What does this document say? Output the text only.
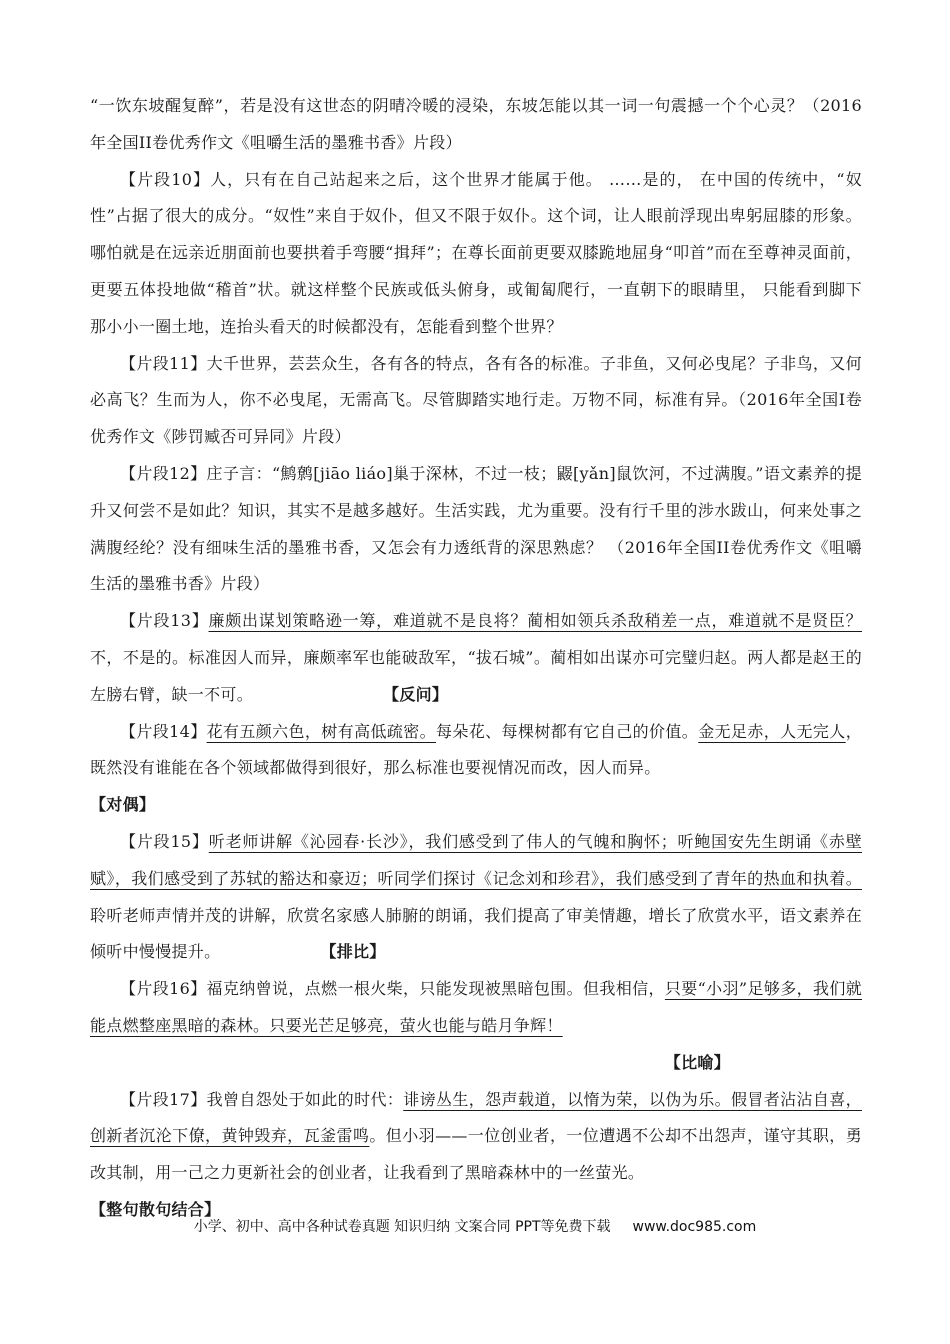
“一饮东坡醒复醉”，若是没有这世态的阴晴冷暖的浸染，东坡怎能以其一词一句震撼一个个心灵？（2016年全国II卷优秀作文《咀嚼生活的墨雅书香》片段）

【片段10】人，只有在自己站起来之后，这个世界才能属于他。 ……是的， 在中国的传统中，“奴性”占据了很大的成分。“奴性”来自于奴仆，但又不限于奴仆。这个词，让人眼前浮现出卑躬屈膝的形象。哪怕就是在远亲近朋面前也要拱着手弯腰“揖拜”；在尊长面前更要双膝跪地屈身“叩首”而在至尊神灵面前，更要五体投地做“稽首”状。就这样整个民族或低头俯身，或匍匐爬行，一直朝下的眼睛里， 只能看到脚下那小小一圈土地，连抬头看天的时候都没有，怎能看到整个世界？

【片段11】大千世界，芸芸众生，各有各的特点，各有各的标准。子非鱼，又何必曳尾？子非鸟，又何必高飞？生而为人，你不必曳尾，无需高飞。尽管脚踏实地行走。万物不同，标准有异。（2016年全国I卷优秀作文《陟罚臧否可异同》片段）

【片段12】庄子言：“鹪鹩[jiāo liáo]巢于深林，不过一枝；鼹[yǎn]鼠饮河，不过满腹。”语文素养的提升又何尝不是如此？知识，其实不是越多越好。生活实践，尤为重要。没有行千里的涉水跋山，何来处事之满腹经纶？没有细味生活的墨雅书香，又怎会有力透纸背的深思熟虑？ （2016年全国II卷优秀作文《咀嚼生活的墨雅书香》片段）

【片段13】廉颇出谋划策略逊一筹，难道就不是良将？蔺相如领兵杀敌稍差一点，难道就不是贤臣？不，不是的。标准因人而异，廉颇率军也能破敌军，“拔石城”。蔺相如出谋亦可完璧归赵。两人都是赵王的左膀右臂，缺一不可。	【反问】

【片段14】花有五颜六色，树有高低疏密。每朵花、每棵树都有它自己的价值。金无足赤，人无完人，既然没有谁能在各个领域都做得到很好，那么标准也要视情况而改，因人而异。

【对偶】

【片段15】听老师讲解《沁园春·长沙》，我们感受到了伟人的气魄和胸怀；听鲍国安先生朗诵《赤壁赋》，我们感受到了苏轼的豁达和豪迈；听同学们探讨《记念刘和珍君》，我们感受到了青年的热血和执着。聆听老师声情并茂的讲解，欣赏名家感人肺腑的朗诵，我们提高了审美情趣，增长了欣赏水平，语文素养在倾听中慢慢提升。	【排比】

【片段16】福克纳曾说，点燃一根火柴，只能发现被黑暗包围。但我相信，只要“小羽”足够多，我们就能点燃整座黑暗的森林。只要光芒足够亮，萤火也能与皓月争辉！

【比喻】

【片段17】我曾自怨处于如此的时代：诽谤丛生，怨声载道，以惰为荣，以伪为乐。假冒者沾沾自喜，创新者沉沦下僚，黄钟毁弃，瓦釜雷鸣。但小羽——一位创业者，一位遭遇不公却不出怨声，谨守其职，勇改其制，用一己之力更新社会的创业者，让我看到了黑暗森林中的一丝萤光。

【整句散句结合】

小学、初中、高中各种试卷真题 知识归纳 文案合同 PPT等免费下载 www.doc985.com
